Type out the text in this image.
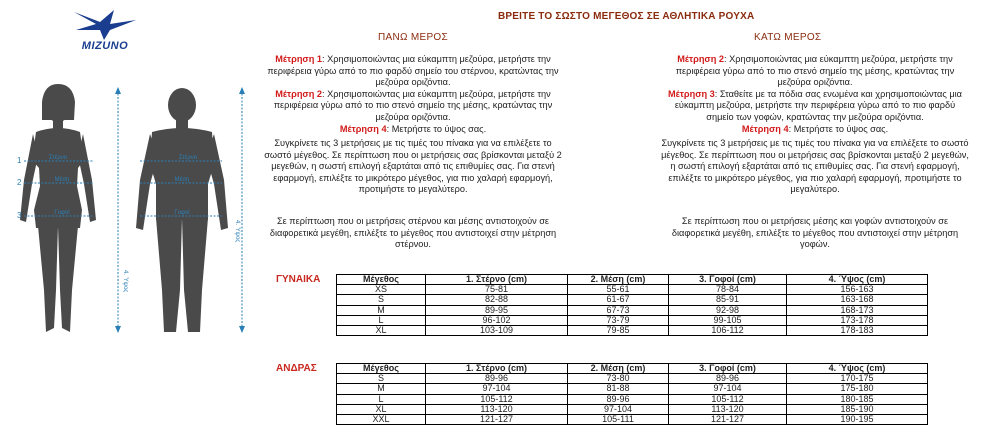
MIZUNO
ΒΡΕΙΤΕ ΤΟ ΣΩΣΤΟ ΜΕΓΕΘΟΣ ΣΕ ΑΘΛΗΤΙΚΑ ΡΟΥΧΑ
Στέρνο
Μέση
Γοφοί
Στέρνο
Μέση
Γοφοί
1
2
3
4. Ύψος
4. Ύψος
ΠΑΝΩ ΜΕΡΟΣ
Μέτρηση 1: Χρησιμοποιώντας μια εύκαμπτη μεζούρα, μετρήστε την περιφέρεια γύρω από το πιο φαρδύ σημείο του στέρνου, κρατώντας την μεζούρα οριζόντια.
Μέτρηση 2: Χρησιμοποιώντας μια εύκαμπτη μεζούρα, μετρήστε την περιφέρεια γύρω από το πιο στενό σημείο της μέσης, κρατώντας την μεζούρα οριζόντια.
Μέτρηση 4: Μετρήστε το ύψος σας.
Συγκρίνετε τις 3 μετρήσεις με τις τιμές του πίνακα για να επιλέξετε το σωστό μέγεθος. Σε περίπτωση που οι μετρήσεις σας βρίσκονται μεταξύ 2 μεγεθών, η σωστή επιλογή εξαρτάται από τις επιθυμίες σας. Για στενή εφαρμογή, επιλέξτε το μικρότερο μέγεθος, για πιο χαλαρή εφαρμογή, προτιμήστε το μεγαλύτερο.
Σε περίπτωση που οι μετρήσεις στέρνου και μέσης αντιστοιχούν σε διαφορετικά μεγέθη, επιλέξτε το μέγεθος που αντιστοιχεί στην μέτρηση στέρνου.
ΚΑΤΩ ΜΕΡΟΣ
Μέτρηση 2: Χρησιμοποιώντας μια εύκαμπτη μεζούρα, μετρήστε την περιφέρεια γύρω από το πιο στενό σημείο της μέσης, κρατώντας την μεζούρα οριζόντια.
Μέτρηση 3: Σταθείτε με τα πόδια σας ενωμένα και χρησιμοποιώντας μια εύκαμπτη μεζούρα, μετρήστε την περιφέρεια γύρω από το πιο φαρδύ σημείο των γοφών, κρατώντας την μεζούρα οριζόντια.
Μέτρηση 4: Μετρήστε το ύψος σας.
Συγκρίνετε τις 3 μετρήσεις με τις τιμές του πίνακα για να επιλέξετε το σωστό μέγεθος. Σε περίπτωση που οι μετρήσεις σας βρίσκονται μεταξύ 2 μεγεθών, η σωστή επιλογή εξαρτάται από τις επιθυμίες σας. Για στενή εφαρμογή, επιλέξτε το μικρότερο μέγεθος, για πιο χαλαρή εφαρμογή, προτιμήστε το μεγαλύτερο.
Σε περίπτωση που οι μετρήσεις μέσης και γοφών αντιστοιχούν σε διαφορετικά μεγέθη, επιλέξτε το μέγεθος που αντιστοιχεί στην μέτρηση γοφών.
ΓΥΝΑΙΚΑ	Μέγεθος	1. Στέρνο (cm)	2. Μέση (cm)	3. Γοφοί (cm)	4. Ύψος (cm)
XS	75-81	55-61	78-84	156-163
S	82-88	61-67	85-91	163-168
M	89-95	67-73	92-98	168-173
L	96-102	73-79	99-105	173-178
XL	103-109	79-85	106-112	178-183
ΑΝΔΡΑΣ	Μέγεθος	1. Στέρνο (cm)	2. Μέση (cm)	3. Γοφοί (cm)	4. Ύψος (cm)
S	89-96	73-80	89-96	170-175
M	97-104	81-88	97-104	175-180
L	105-112	89-96	105-112	180-185
XL	113-120	97-104	113-120	185-190
XXL	121-127	105-111	121-127	190-195
